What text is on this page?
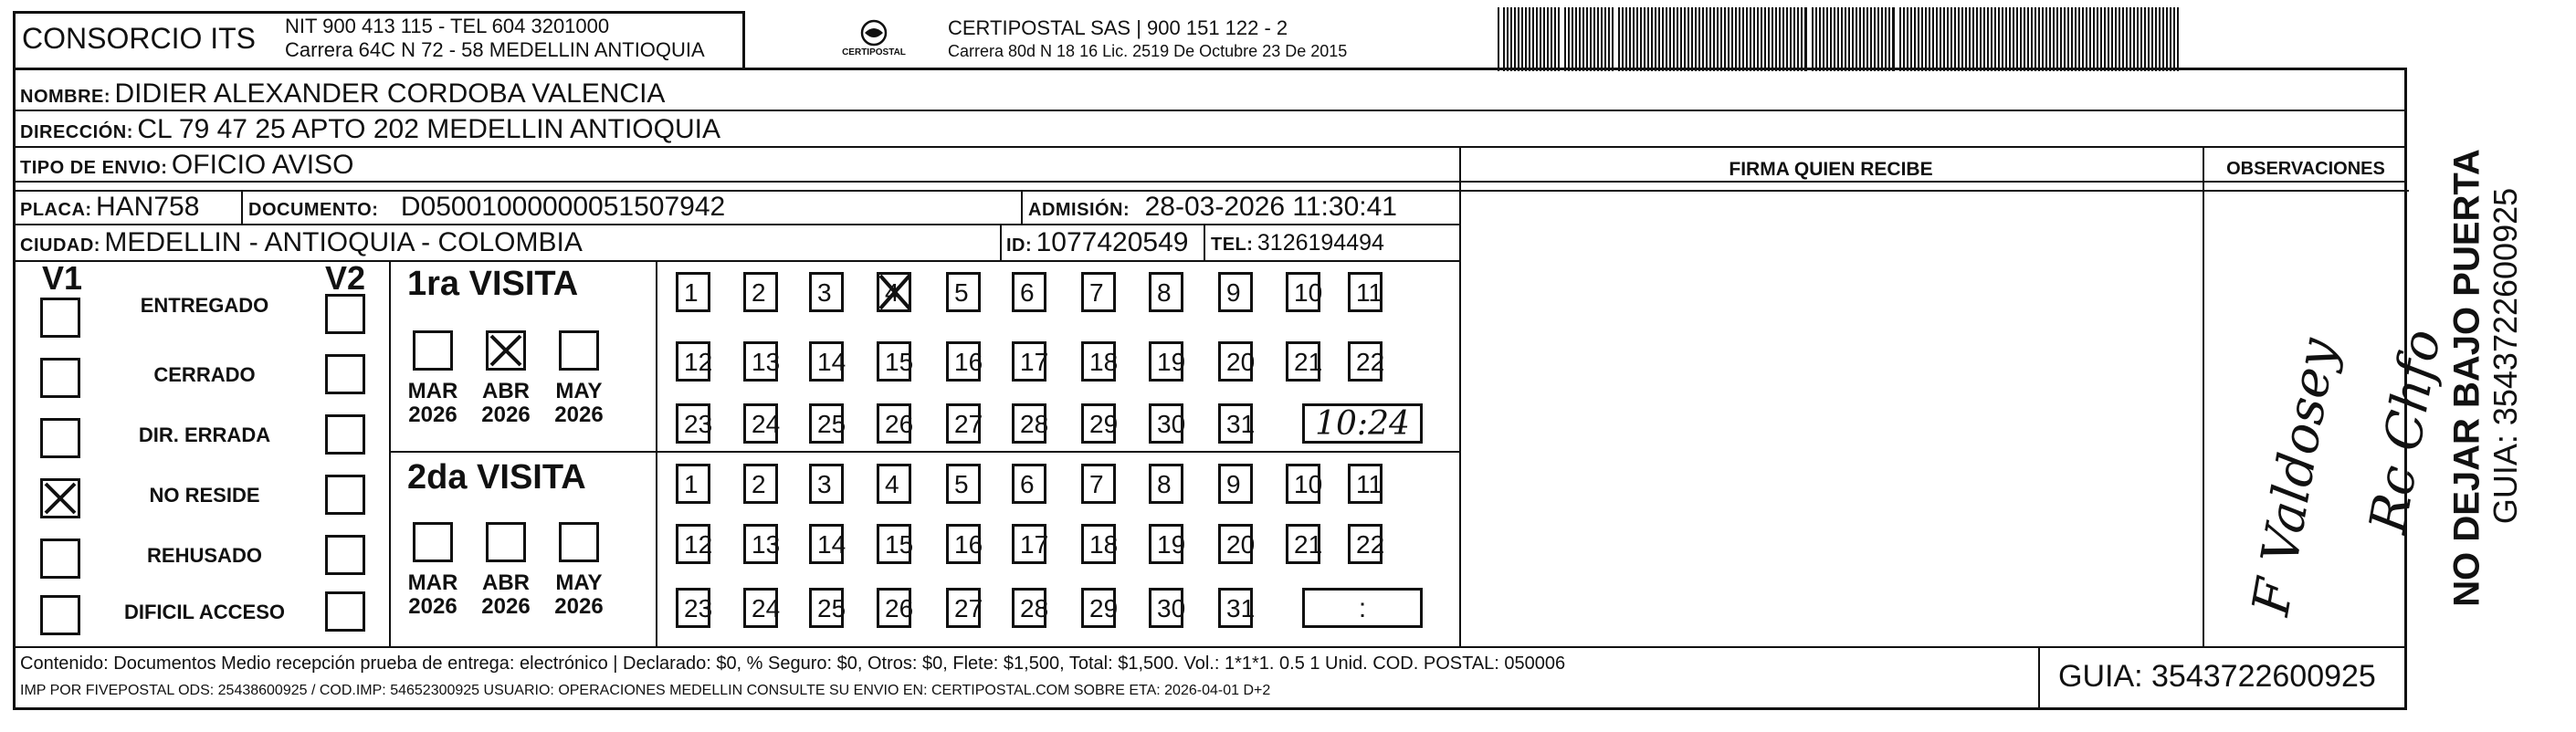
CONSORCIO ITS NIT 900 413 115 - TEL 604 3201000
Carrera 64C N 72 - 58 MEDELLIN ANTIOQUIA	CERTIPOSTAL
CERTIPOSTAL SAS | 900 151 122 - 2
Carrera 80d N 18 16 Lic. 2519 De Octubre 23 De 2015
NOMBRE: DIDIER ALEXANDER CORDOBA VALENCIA
DIRECCIÓN: CL 79 47 25 APTO 202 MEDELLIN ANTIOQUIA
TIPO DE ENVIO: OFICIO AVISO	FIRMA QUIEN RECIBE	OBSERVACIONES
PLACA: HAN758	DOCUMENTO: D05001000000051507942	ADMISIÓN: 28-03-2026 11:30:41
CIUDAD: MEDELLIN - ANTIOQUIA - COLOMBIA	ID: 1077420549 TEL: 3126194494
V1	V2
ENTREGADO
CERRADO
DIR. ERRADA
NO RESIDE
REHUSADO
DIFICIL ACCESO
1ra VISITA
2da VISITA
MAR
2026
ABR
2026
MAY
2026
MAR
2026
ABR
2026
MAY
2026
1	2	3	4	5	6	7	8	9	10	11
12	13	14	15	16	17	18	19	20	21	22
23	24	25	26	27	28	29	30	31	10:24
1	2	3	4	5	6	7	8	9	10	11
12	13	14	15	16	17	18	19	20	21	22
23	24	25	26	27	28	29	30	31	:	F Valdosey Rc Chfo
NO DEJAR BAJO PUERTA GUIA: 3543722600925
Contenido: Documentos Medio recepción prueba de entrega: electrónico | Declarado: $0, % Seguro: $0, Otros: $0, Flete: $1,500, Total: $1,500. Vol.: 1*1*1. 0.5 1 Unid. COD. POSTAL: 050006
IMP POR FIVEPOSTAL ODS: 25438600925 / COD.IMP: 54652300925 USUARIO: OPERACIONES MEDELLIN CONSULTE SU ENVIO EN: CERTIPOSTAL.COM SOBRE ETA: 2026-04-01 D+2	GUIA: 3543722600925
